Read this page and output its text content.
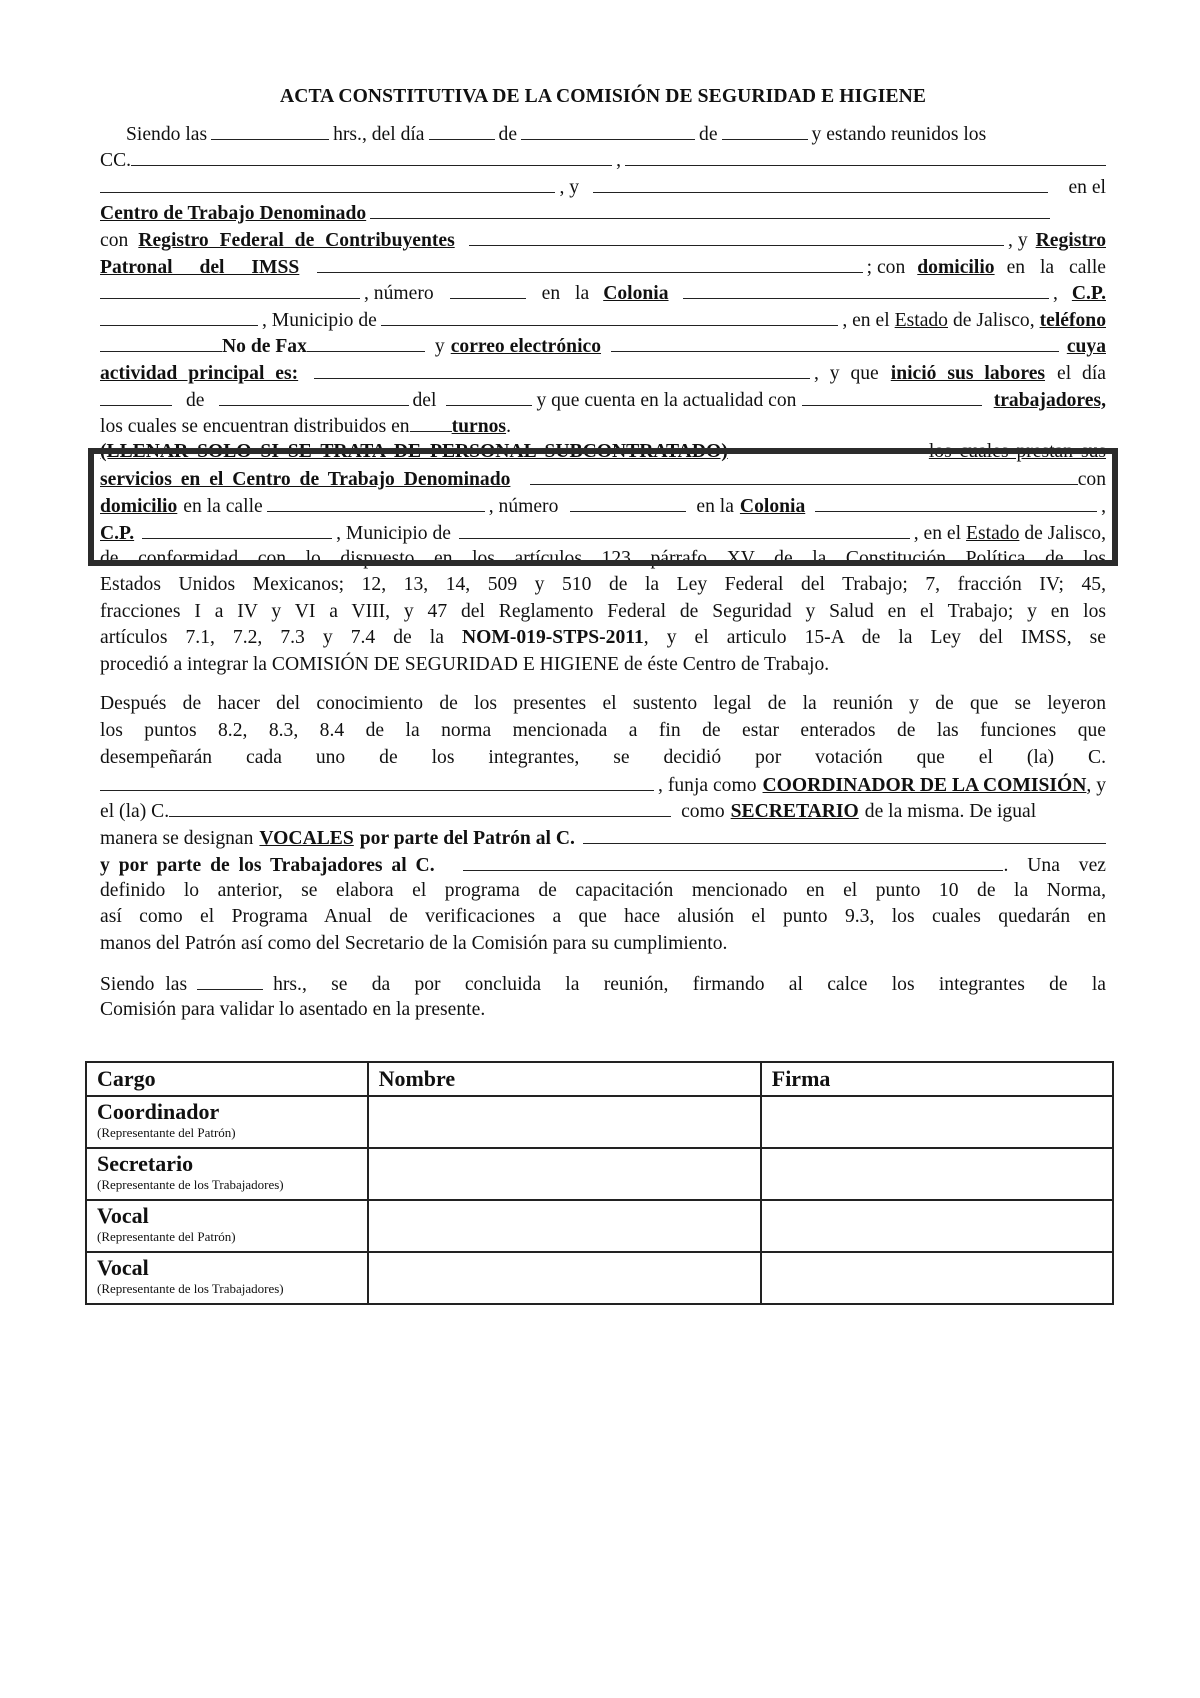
ACTA CONSTITUTIVA DE LA COMISIÓN DE SEGURIDAD E HIGIENE
Siendo las	hrs., del día	de	de	y estando reunidos los
CC.	,
, y	en el
Centro de Trabajo Denominado
con Registro Federal de Contribuyentes	, y Registro
Patronal del IMSS	; con domicilio en la calle
, número	en la Colonia	, C.P.
, Municipio de	, en el Estado de Jalisco, teléfono
No de Fax	y correo electrónico	cuya
actividad principal es:	, y que inició sus labores el día
de	del	y que cuenta en la actualidad con	trabajadores,
los cuales se encuentran distribuidos en turnos .
(LLENAR SOLO SI SE TRATA DE PERSONAL SUBCONTRATADO)	los cuales prestan sus
servicios en el Centro de Trabajo Denominado	con
domicilio en la calle	, número	en la Colonia	,
C.P.	, Municipio de	, en el Estado de Jalisco,
de conformidad con lo dispuesto en los artículos 123 párrafo XV de la Constitución Política de los
Estados Unidos Mexicanos; 12, 13, 14, 509 y 510 de la Ley Federal del Trabajo; 7, fracción IV; 45,
fracciones I a IV y VI a VIII, y 47 del Reglamento Federal de Seguridad y Salud en el Trabajo; y en los
artículos 7.1, 7.2, 7.3 y 7.4 de la NOM-019-STPS-2011, y el articulo 15-A de la Ley del IMSS, se
procedió a integrar la COMISIÓN DE SEGURIDAD E HIGIENE de éste Centro de Trabajo.
Después de hacer del conocimiento de los presentes el sustento legal de la reunión y de que se leyeron
los puntos 8.2, 8.3, 8.4 de la norma mencionada a fin de estar enterados de las funciones que
desempeñarán cada uno de los integrantes, se decidió por votación que el (la) C.
, funja como COORDINADOR DE LA COMISIÓN , y
el (la) C.	como SECRETARIO de la misma. De igual
manera se designan VOCALES por parte del Patrón al C.
y por parte de los Trabajadores al C.	. Una vez
definido lo anterior, se elabora el programa de capacitación mencionado en el punto 10 de la Norma,
así como el Programa Anual de verificaciones a que hace alusión el punto 9.3, los cuales quedarán en
manos del Patrón así como del Secretario de la Comisión para su cumplimiento.
Siendo las	hrs., se da por concluida la reunión, firmando al calce los integrantes de la
Comisión para validar lo asentado en la presente.
Cargo	Nombre	Firma

Coordinador
(Representante del Patrón)		

Secretario
(Representante de los Trabajadores)		

Vocal
(Representante del Patrón)		

Vocal
(Representante de los Trabajadores)		
